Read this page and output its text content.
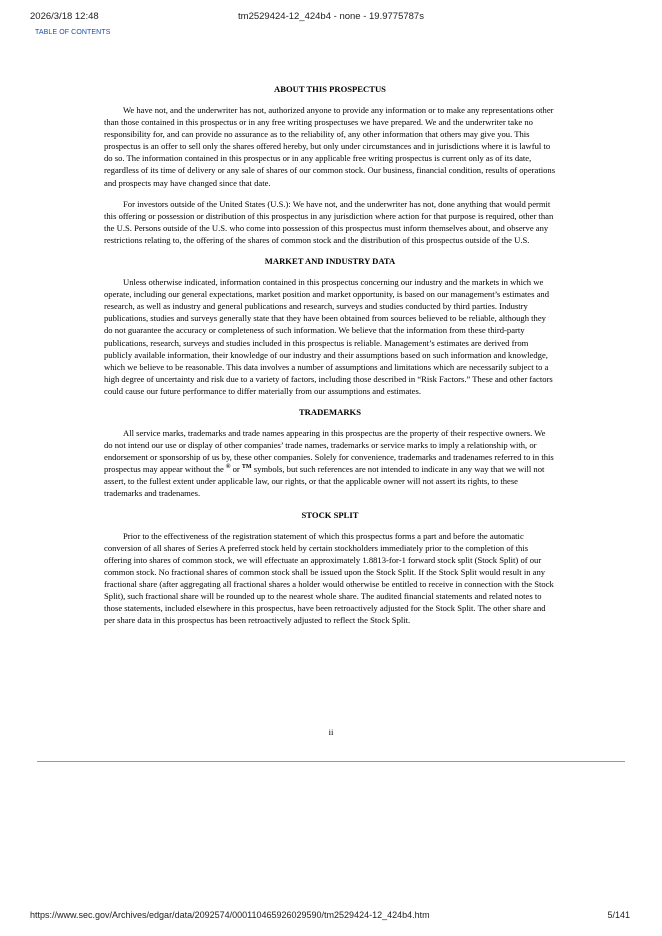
2026/3/18 12:48	tm2529424-12_424b4 - none - 19.9775787s
TABLE OF CONTENTS
ABOUT THIS PROSPECTUS

We have not, and the underwriter has not, authorized anyone to provide any information or to make any representations other than those contained in this prospectus or in any free writing prospectuses we have prepared. We and the underwriter take no responsibility for, and can provide no assurance as to the reliability of, any other information that others may give you. This prospectus is an offer to sell only the shares offered hereby, but only under circumstances and in jurisdictions where it is lawful to do so. The information contained in this prospectus or in any applicable free writing prospectus is current only as of its date, regardless of its time of delivery or any sale of shares of our common stock. Our business, financial condition, results of operations and prospects may have changed since that date.

For investors outside of the United States (U.S.): We have not, and the underwriter has not, done anything that would permit this offering or possession or distribution of this prospectus in any jurisdiction where action for that purpose is required, other than the U.S. Persons outside of the U.S. who come into possession of this prospectus must inform themselves about, and observe any restrictions relating to, the offering of the shares of common stock and the distribution of this prospectus outside of the U.S.

MARKET AND INDUSTRY DATA

Unless otherwise indicated, information contained in this prospectus concerning our industry and the markets in which we operate, including our general expectations, market position and market opportunity, is based on our management’s estimates and research, as well as industry and general publications and research, surveys and studies conducted by third parties. Industry publications, studies and surveys generally state that they have been obtained from sources believed to be reliable, although they do not guarantee the accuracy or completeness of such information. We believe that the information from these third-party publications, research, surveys and studies included in this prospectus is reliable. Management’s estimates are derived from publicly available information, their knowledge of our industry and their assumptions based on such information and knowledge, which we believe to be reasonable. This data involves a number of assumptions and limitations which are necessarily subject to a high degree of uncertainty and risk due to a variety of factors, including those described in “Risk Factors.” These and other factors could cause our future performance to differ materially from our assumptions and estimates.

TRADEMARKS

All service marks, trademarks and trade names appearing in this prospectus are the property of their respective owners. We do not intend our use or display of other companies’ trade names, trademarks or service marks to imply a relationship with, or endorsement or sponsorship of us by, these other companies. Solely for convenience, trademarks and tradenames referred to in this prospectus may appear without the ® or ™ symbols, but such references are not intended to indicate in any way that we will not assert, to the fullest extent under applicable law, our rights, or that the applicable owner will not assert its rights, to these trademarks and tradenames.

STOCK SPLIT

Prior to the effectiveness of the registration statement of which this prospectus forms a part and before the automatic conversion of all shares of Series A preferred stock held by certain stockholders immediately prior to the completion of this offering into shares of common stock, we will effectuate an approximately 1.8813-for-1 forward stock split (Stock Split) of our common stock. No fractional shares of common stock shall be issued upon the Stock Split. If the Stock Split would result in any fractional share (after aggregating all fractional shares a holder would otherwise be entitled to receive in connection with the Stock Split), such fractional share will be rounded up to the nearest whole share. The audited financial statements and related notes to those statements, included elsewhere in this prospectus, have been retroactively adjusted for the Stock Split. The other share and per share data in this prospectus has been retroactively adjusted to reflect the Stock Split.

ii
https://www.sec.gov/Archives/edgar/data/2092574/000110465926029590/tm2529424-12_424b4.htm	5/141
